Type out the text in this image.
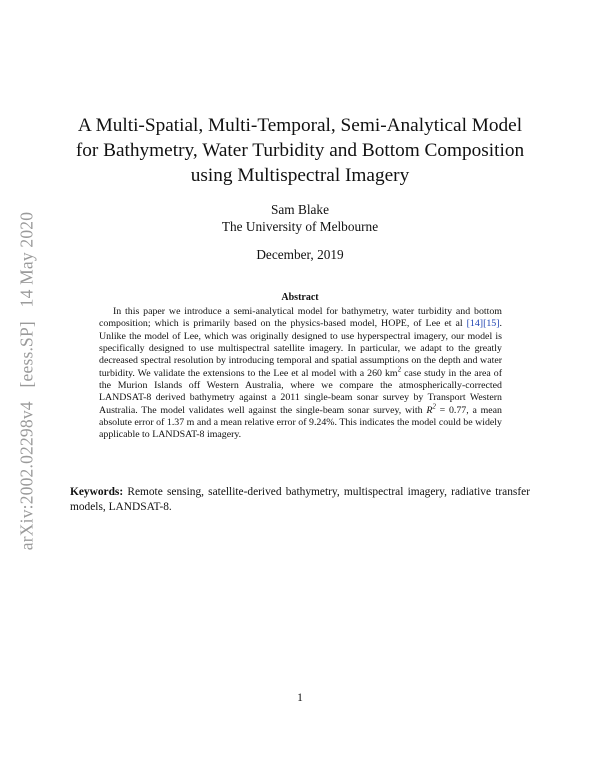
arXiv:2002.02298v4   [eess.SP]   14 May 2020
A Multi-Spatial, Multi-Temporal, Semi-Analytical Model for Bathymetry, Water Turbidity and Bottom Composition using Multispectral Imagery
Sam Blake
The University of Melbourne
December, 2019
Abstract
In this paper we introduce a semi-analytical model for bathymetry, water turbidity and bottom composition; which is primarily based on the physics-based model, HOPE, of Lee et al [14][15]. Unlike the model of Lee, which was originally designed to use hyperspectral imagery, our model is specifically designed to use multispectral satellite imagery. In particular, we adapt to the greatly decreased spectral resolution by introducing temporal and spatial assumptions on the depth and water turbidity. We validate the extensions to the Lee et al model with a 260 $km^2$ case study in the area of the Murion Islands off Western Australia, where we compare the atmospherically-corrected LANDSAT-8 derived bathymetry against a 2011 single-beam sonar survey by Transport Western Australia. The model validates well against the single-beam sonar survey, with $R^2 = 0.77$, a mean absolute error of 1.37 m and a mean relative error of 9.24%. This indicates the model could be widely applicable to LANDSAT-8 imagery.
Keywords: Remote sensing, satellite-derived bathymetry, multispectral imagery, radiative transfer models, LANDSAT-8.
1
